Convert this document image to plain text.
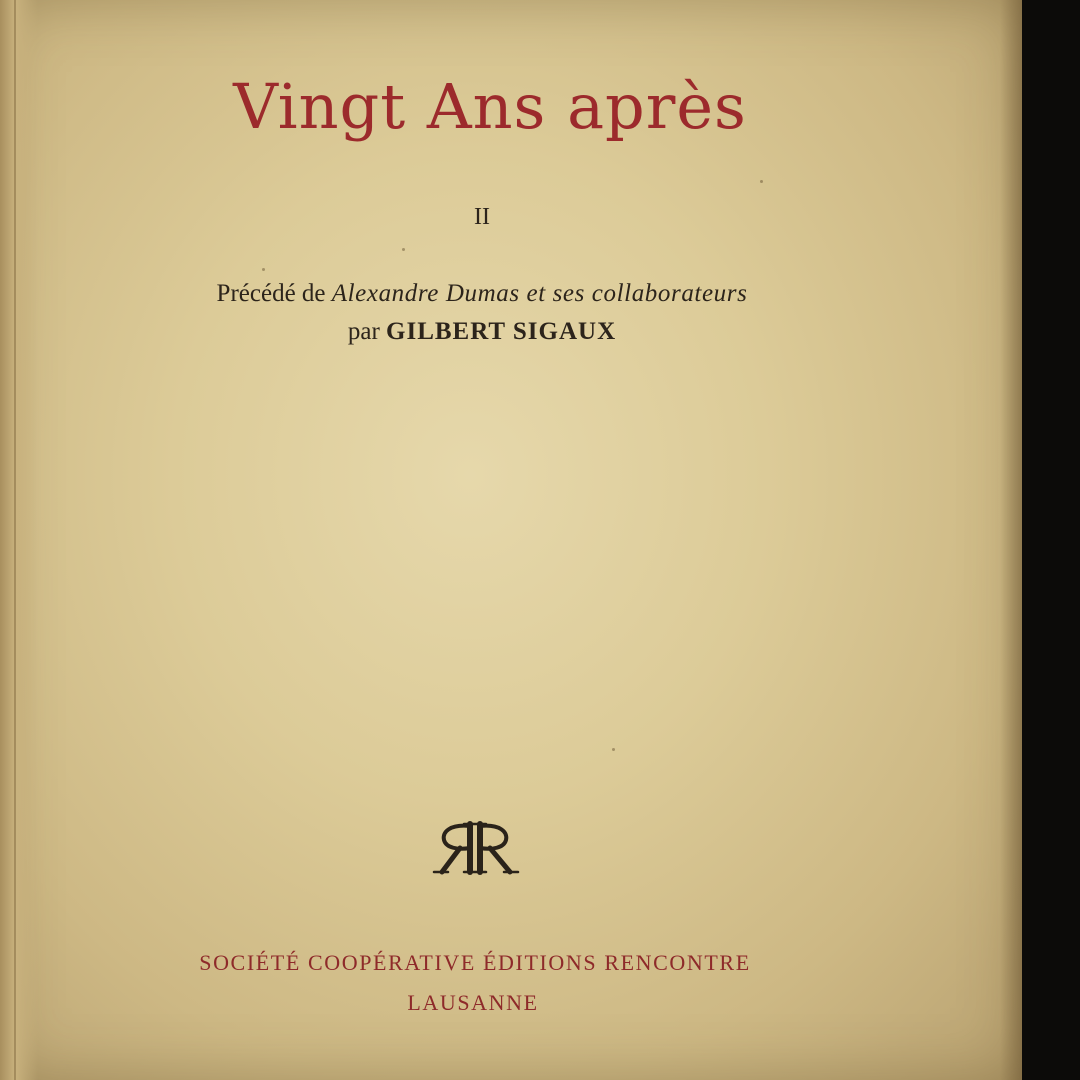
Vingt Ans après
II
Précédé de Alexandre Dumas et ses collaborateurs
par GILBERT SIGAUX
SOCIÉTÉ COOPÉRATIVE ÉDITIONS RENCONTRE
LAUSANNE
